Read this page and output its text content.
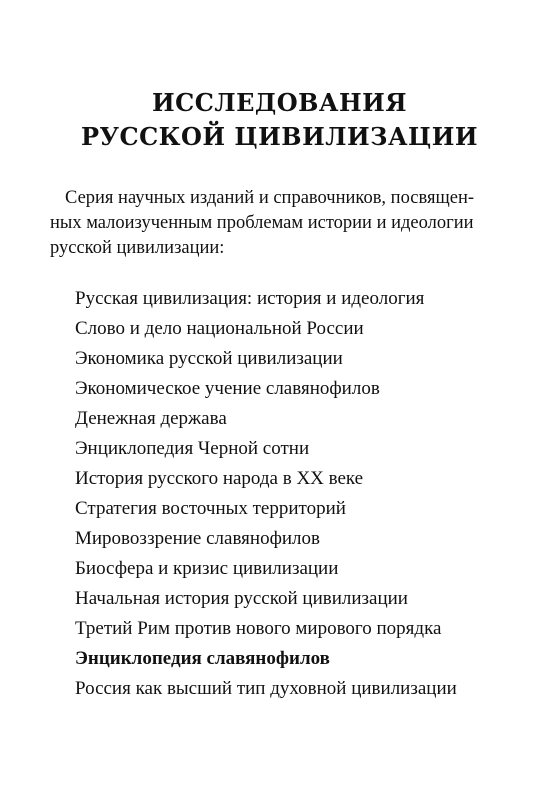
ИССЛЕДОВАНИЯ
РУССКОЙ ЦИВИЛИЗАЦИИ

Серия научных изданий и справочников, посвящен-
ных малоизученным проблемам истории и идеологии
русской цивилизации:

Русская цивилизация: история и идеология
Слово и дело национальной России
Экономика русской цивилизации
Экономическое учение славянофилов
Денежная держава
Энциклопедия Черной сотни
История русского народа в XX веке
Стратегия восточных территорий
Мировоззрение славянофилов
Биосфера и кризис цивилизации
Начальная история русской цивилизации
Третий Рим против нового мирового порядка
Энциклопедия славянофилов
Россия как высший тип духовной цивилизации
